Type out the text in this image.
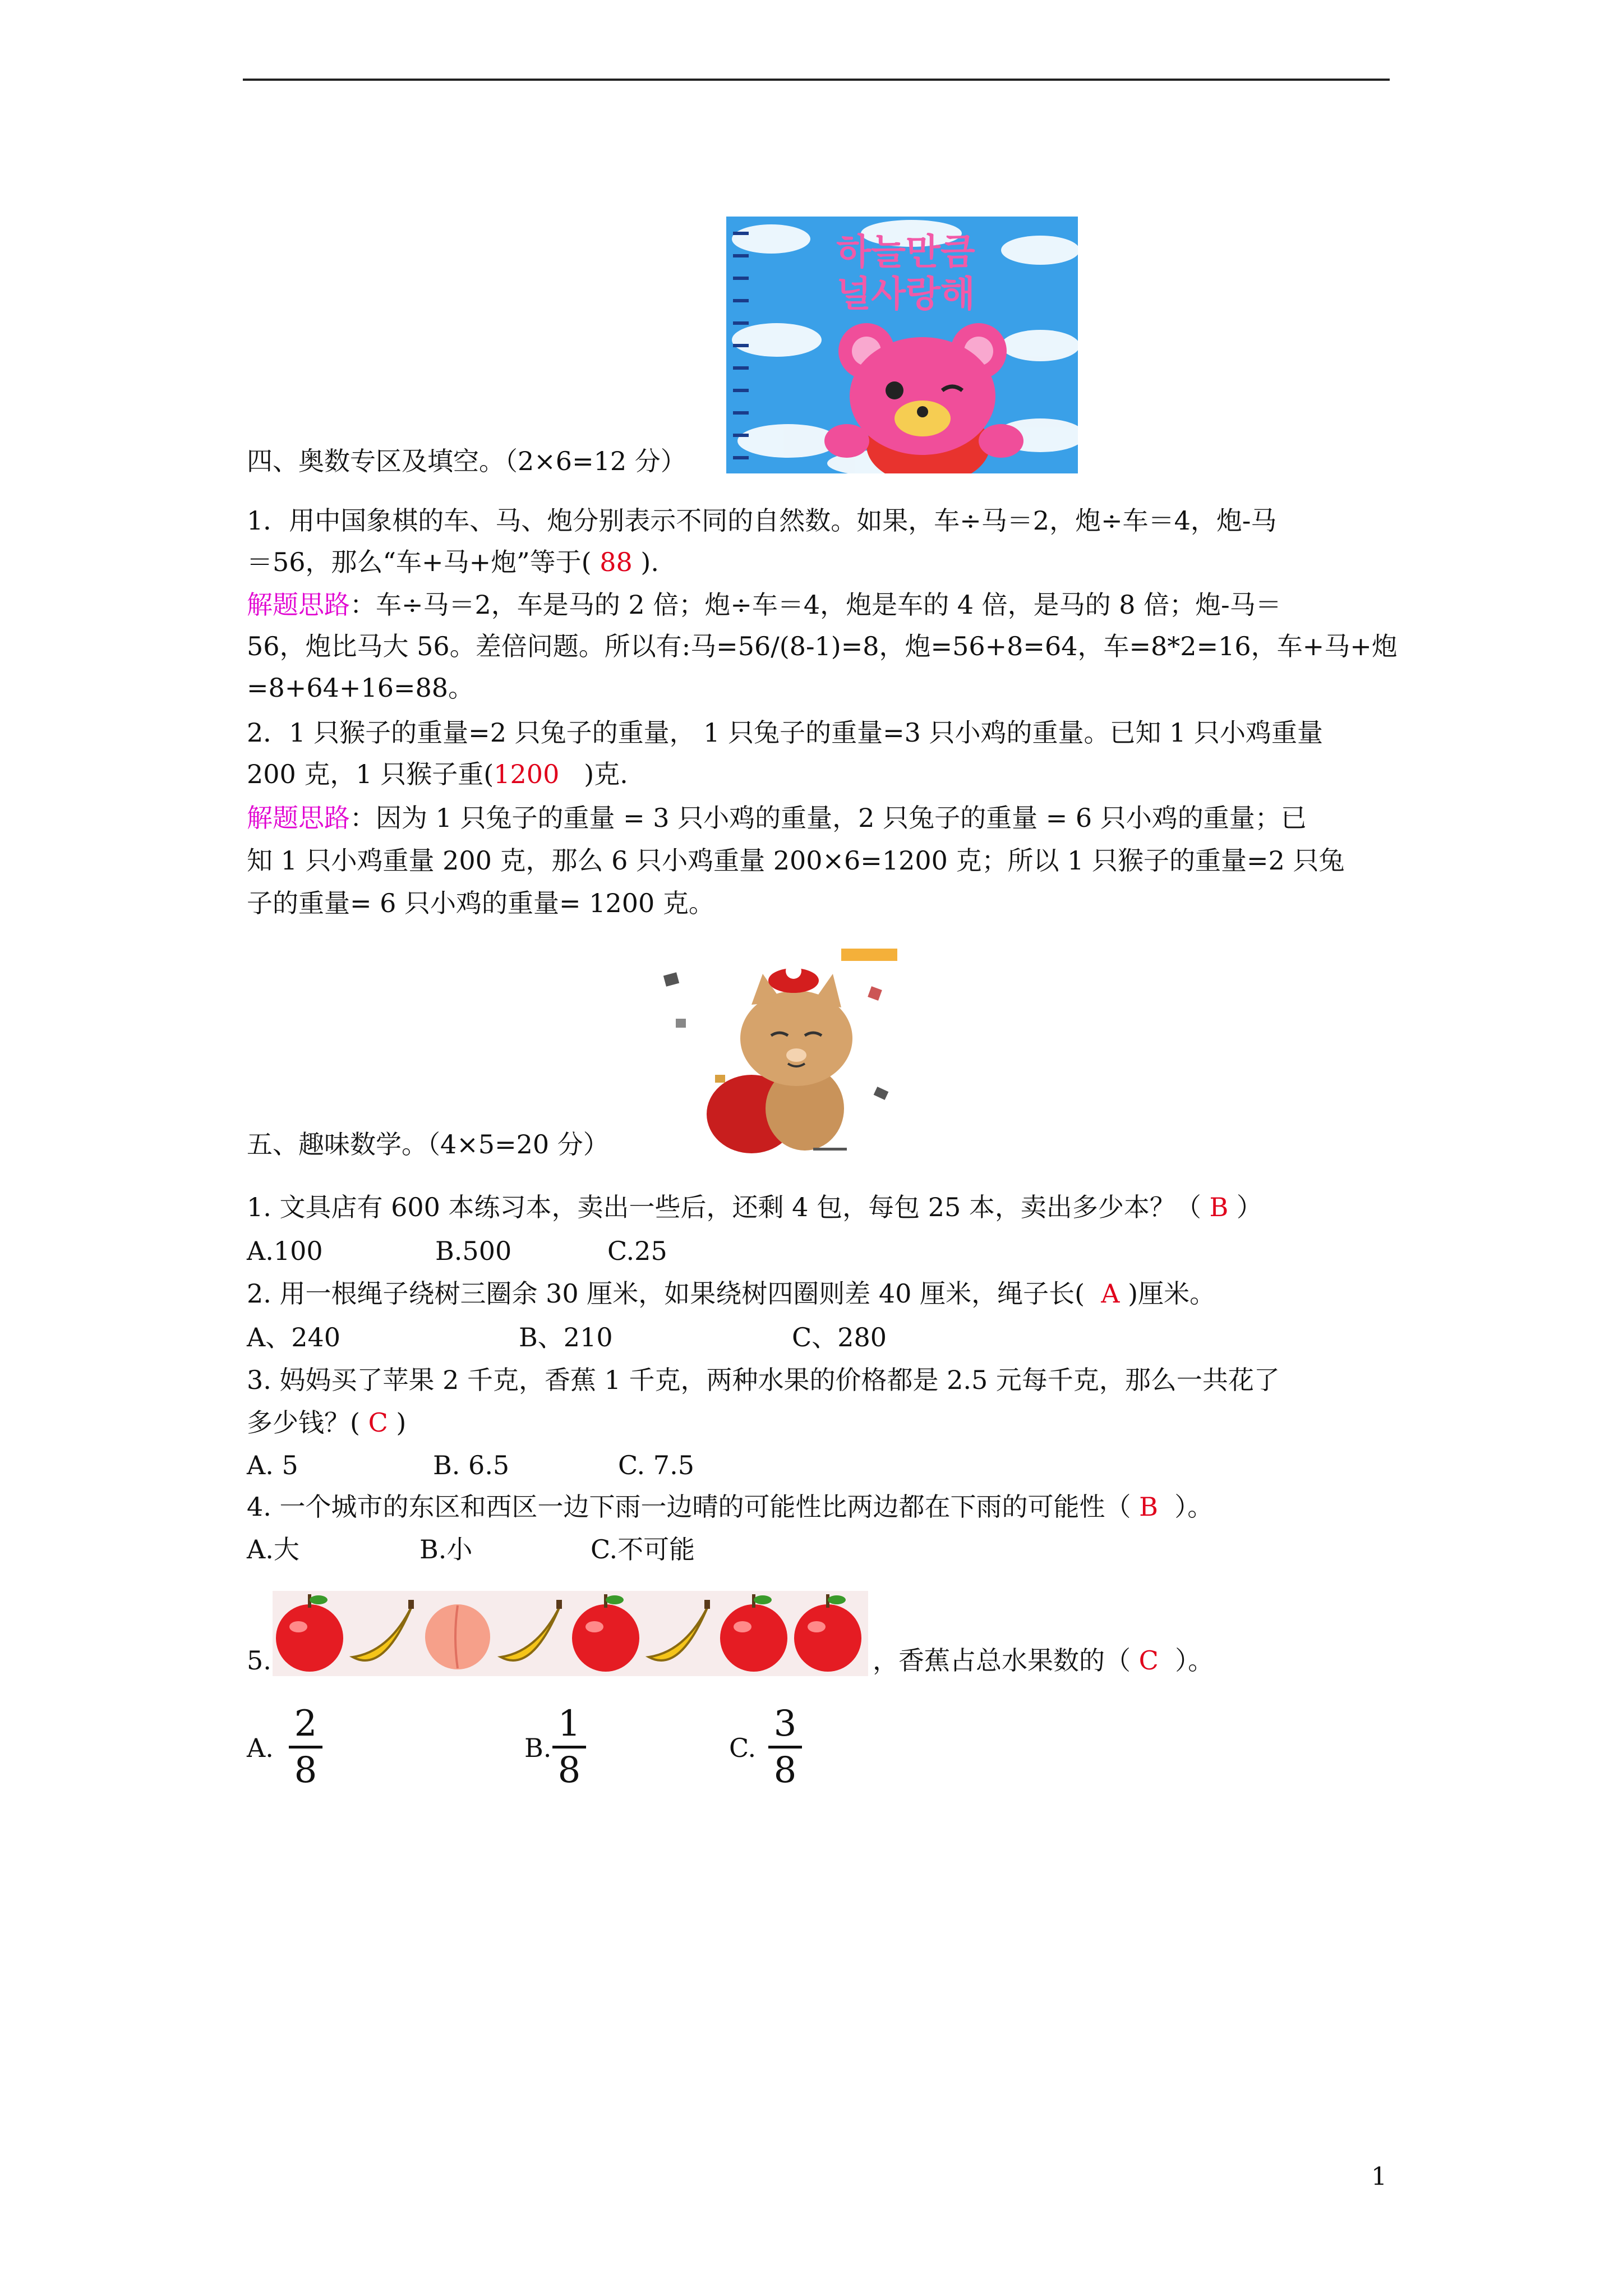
하늘만큼
널사랑해
四、奥数专区及填空。（2×6=12 分）
1．用中国象棋的车、马、炮分别表示不同的自然数。如果，车÷马＝2，炮÷车＝4，炮-马
＝56，那么“车+马+炮”等于( 88 ).
解题思路：车÷马＝2，车是马的 2 倍；炮÷车＝4，炮是车的 4 倍，是马的 8 倍；炮-马＝
56，炮比马大 56。差倍问题。所以有:马=56/(8-1)=8，炮=56+8=64，车=8*2=16，车+马+炮
=8+64+16=88。
2．1 只猴子的重量=2 只兔子的重量， 1 只兔子的重量=3 只小鸡的重量。已知 1 只小鸡重量
200 克，1 只猴子重(1200 )克.
解题思路：因为 1 只兔子的重量 = 3 只小鸡的重量，2 只兔子的重量 = 6 只小鸡的重量；已
知 1 只小鸡重量 200 克，那么 6 只小鸡重量 200×6=1200 克；所以 1 只猴子的重量=2 只兔
子的重量= 6 只小鸡的重量= 1200 克。
五、趣味数学。（4×5=20 分）
1. 文具店有 600 本练习本，卖出一些后，还剩 4 包，每包 25 本，卖出多少本？（ B ）
A.100	B.500	C.25
2. 用一根绳子绕树三圈余 30 厘米，如果绕树四圈则差 40 厘米，绳子长( A )厘米。
A、240	B、210	C、280
3. 妈妈买了苹果 2 千克，香蕉 1 千克，两种水果的价格都是 2.5 元每千克，那么一共花了
多少钱？( C )
A. 5	B. 6.5	C. 7.5
4. 一个城市的东区和西区一边下雨一边晴的可能性比两边都在下雨的可能性（ B ）。
A.大	B.小	C.不可能
5.	，香蕉占总水果数的（ C ）。
A.
2
8
B.
1
8
C.
3
8
1
